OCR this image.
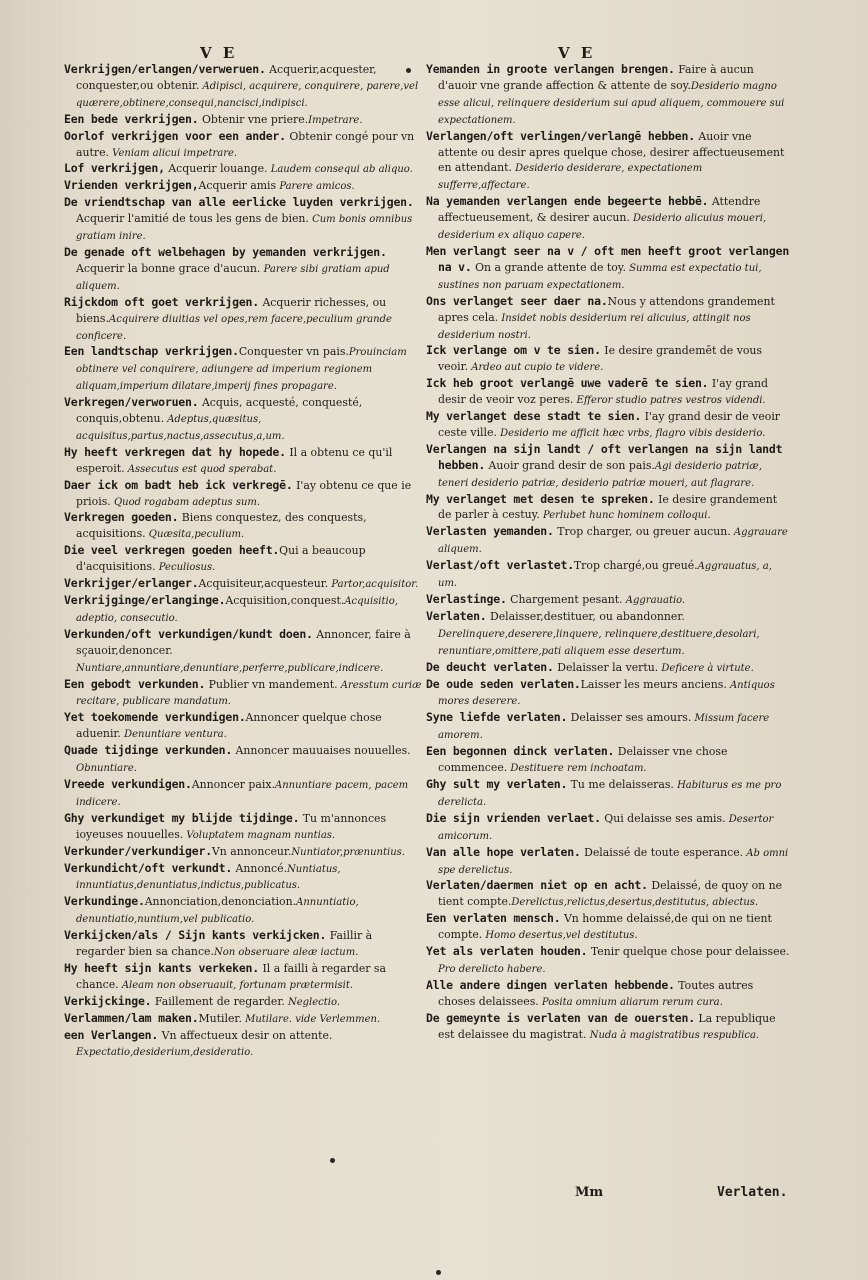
V E	V E

Verkrijgen/erlangen/verweruen. Acquerir,acquester, conquester,ou obtenir. Adipisci, acquirere, conquirere, parere,vel quærere,obtinere,consequi,nancisci,indipisci.

Een bede verkrijgen. Obtenir vne priere.Impetrare.

Oorlof verkrijgen voor een ander. Obtenir congé pour vn autre. Veniam alicui impetrare.

Lof verkrijgen, Acquerir louange. Laudem consequi ab aliquo.

Vrienden verkrijgen,Acquerir amis Parere amicos.

De vriendtschap van alle eerlicke luyden verkrijgen. Acquerir l'amitié de tous les gens de bien. Cum bonis omnibus gratiam inire.

De genade oft welbehagen by yemanden verkrijgen. Acquerir la bonne grace d'aucun. Parere sibi gratiam apud aliquem.

Rijckdom oft goet verkrijgen. Acquerir richesses, ou biens.Acquirere diuitias vel opes,rem facere,peculium grande conficere.

Een landtschap verkrijgen.Conquester vn pais.Prouinciam obtinere vel conquirere, adiungere ad imperium regionem aliquam,imperium dilatare,imperij fines propagare.

Verkregen/verworuen. Acquis, acquesté, conquesté, conquis,obtenu. Adeptus,quæsitus, acquisitus,partus,nactus,assecutus,a,um.

Hy heeft verkregen dat hy hopede. Il a obtenu ce qu'il esperoit. Assecutus est quod sperabat.

Daer ick om badt heb ick verkregē. I'ay obtenu ce que ie priois. Quod rogabam adeptus sum.

Verkregen goeden. Biens conquestez, des conquests, acquisitions. Quæsita,peculium.

Die veel verkregen goeden heeft.Qui a beaucoup d'acquisitions. Peculiosus.

Verkrijger/erlanger.Acquisiteur,acquesteur. Partor,acquisitor.

Verkrijginge/erlanginge.Acquisition,conquest.Acquisitio, adeptio, consecutio.

Verkunden/oft verkundigen/kundt doen. Annoncer, faire à sçauoir,denoncer. Nuntiare,annuntiare,denuntiare,perferre,publicare,indicere.

Een gebodt verkunden. Publier vn mandement. Aresstum curiæ recitare, publicare mandatum.

Yet toekomende verkundigen.Annoncer quelque chose aduenir. Denuntiare ventura.

Quade tijdinge verkunden. Annoncer mauuaises nouuelles. Obnuntiare.

Vreede verkundigen.Annoncer paix.Annuntiare pacem, pacem indicere.

Ghy verkundiget my blijde tijdinge. Tu m'annonces ioyeuses nouuelles. Voluptatem magnam nuntias.

Verkunder/verkundiger.Vn annonceur.Nuntiator,prænuntius.

Verkundicht/oft verkundt. Annoncé.Nuntiatus, innuntiatus,denuntiatus,indictus,publicatus.

Verkundinge.Annonciation,denonciation.Annuntiatio, denuntiatio,nuntium,vel publicatio.

Verkijcken/als / Sijn kants verkijcken. Faillir à regarder bien sa chance.Non obseruare aleæ iactum.

Hy heeft sijn kants verkeken. Il a failli à regarder sa chance. Aleam non obseruauit, fortunam prætermisit.

Verkijckinge. Faillement de regarder. Neglectio.

Verlammen/lam maken.Mutiler. Mutilare. vide Verlemmen.

een Verlangen. Vn affectueux desir on attente. Expectatio,desiderium,desideratio.

Yemanden in groote verlangen brengen. Faire à aucun d'auoir vne grande affection & attente de soy.Desiderio magno esse alicui, relinquere desiderium sui apud aliquem, commouere sui expectationem.

Verlangen/oft verlingen/verlangē hebben. Auoir vne attente ou desir apres quelque chose, desirer affectueusement en attendant. Desiderio desiderare, expectationem sufferre,affectare.

Na yemanden verlangen ende begeerte hebbē. Attendre affectueusement, & desirer aucun. Desiderio alicuius moueri, desiderium ex aliquo capere.

Men verlangt seer na v / oft men heeft groot verlangen na v. On a grande attente de toy. Summa est expectatio tui, sustines non paruam expectationem.

Ons verlanget seer daer na.Nous y attendons grandement apres cela. Insidet nobis desiderium rei alicuius, attingit nos desiderium nostri.

Ick verlange om v te sien. Ie desire grandemēt de vous veoir. Ardeo aut cupio te videre.

Ick heb groot verlangē uwe vaderē te sien. I'ay grand desir de veoir voz peres. Efferor studio patres vestros videndi.

My verlanget dese stadt te sien. I'ay grand desir de veoir ceste ville. Desiderio me afficit hæc vrbs, flagro vibis desiderio.

Verlangen na sijn landt / oft verlangen na sijn landt hebben. Auoir grand desir de son pais.Agi desiderio patriæ, teneri desiderio patriæ, desiderio patriæ moueri, aut flagrare.

My verlanget met desen te spreken. Ie desire grandement de parler à cestuy. Perlubet hunc hominem colloqui.

Verlasten yemanden. Trop charger, ou greuer aucun. Aggrauare aliquem.

Verlast/oft verlastet.Trop chargé,ou greué.Aggrauatus, a, um.

Verlastinge. Chargement pesant. Aggrauatio.

Verlaten. Delaisser,destituer, ou abandonner. Derelinquere,deserere,linquere, relinquere,destituere,desolari, renuntiare,omittere,pati aliquem esse desertum.

De deucht verlaten. Delaisser la vertu. Deficere à virtute.

De oude seden verlaten.Laisser les meurs anciens. Antiquos mores deserere.

Syne liefde verlaten. Delaisser ses amours. Missum facere amorem.

Een begonnen dinck verlaten. Delaisser vne chose commencee. Destituere rem inchoatam.

Ghy sult my verlaten. Tu me delaisseras. Habiturus es me pro derelicta.

Die sijn vrienden verlaet. Qui delaisse ses amis. Desertor amicorum.

Van alle hope verlaten. Delaissé de toute esperance. Ab omni spe derelictus.

Verlaten/daermen niet op en acht. Delaissé, de quoy on ne tient compte.Derelictus,relictus,desertus,destitutus, abiectus.

Een verlaten mensch. Vn homme delaissé,de qui on ne tient compte. Homo desertus,vel destitutus.

Yet als verlaten houden. Tenir quelque chose pour delaissee. Pro derelicto habere.

Alle andere dingen verlaten hebbende. Toutes autres choses delaissees. Posita omnium aliarum rerum cura.

De gemeynte is verlaten van de ouersten. La republique est delaissee du magistrat. Nuda à magistratibus respublica.

Mm	Verlaten.
